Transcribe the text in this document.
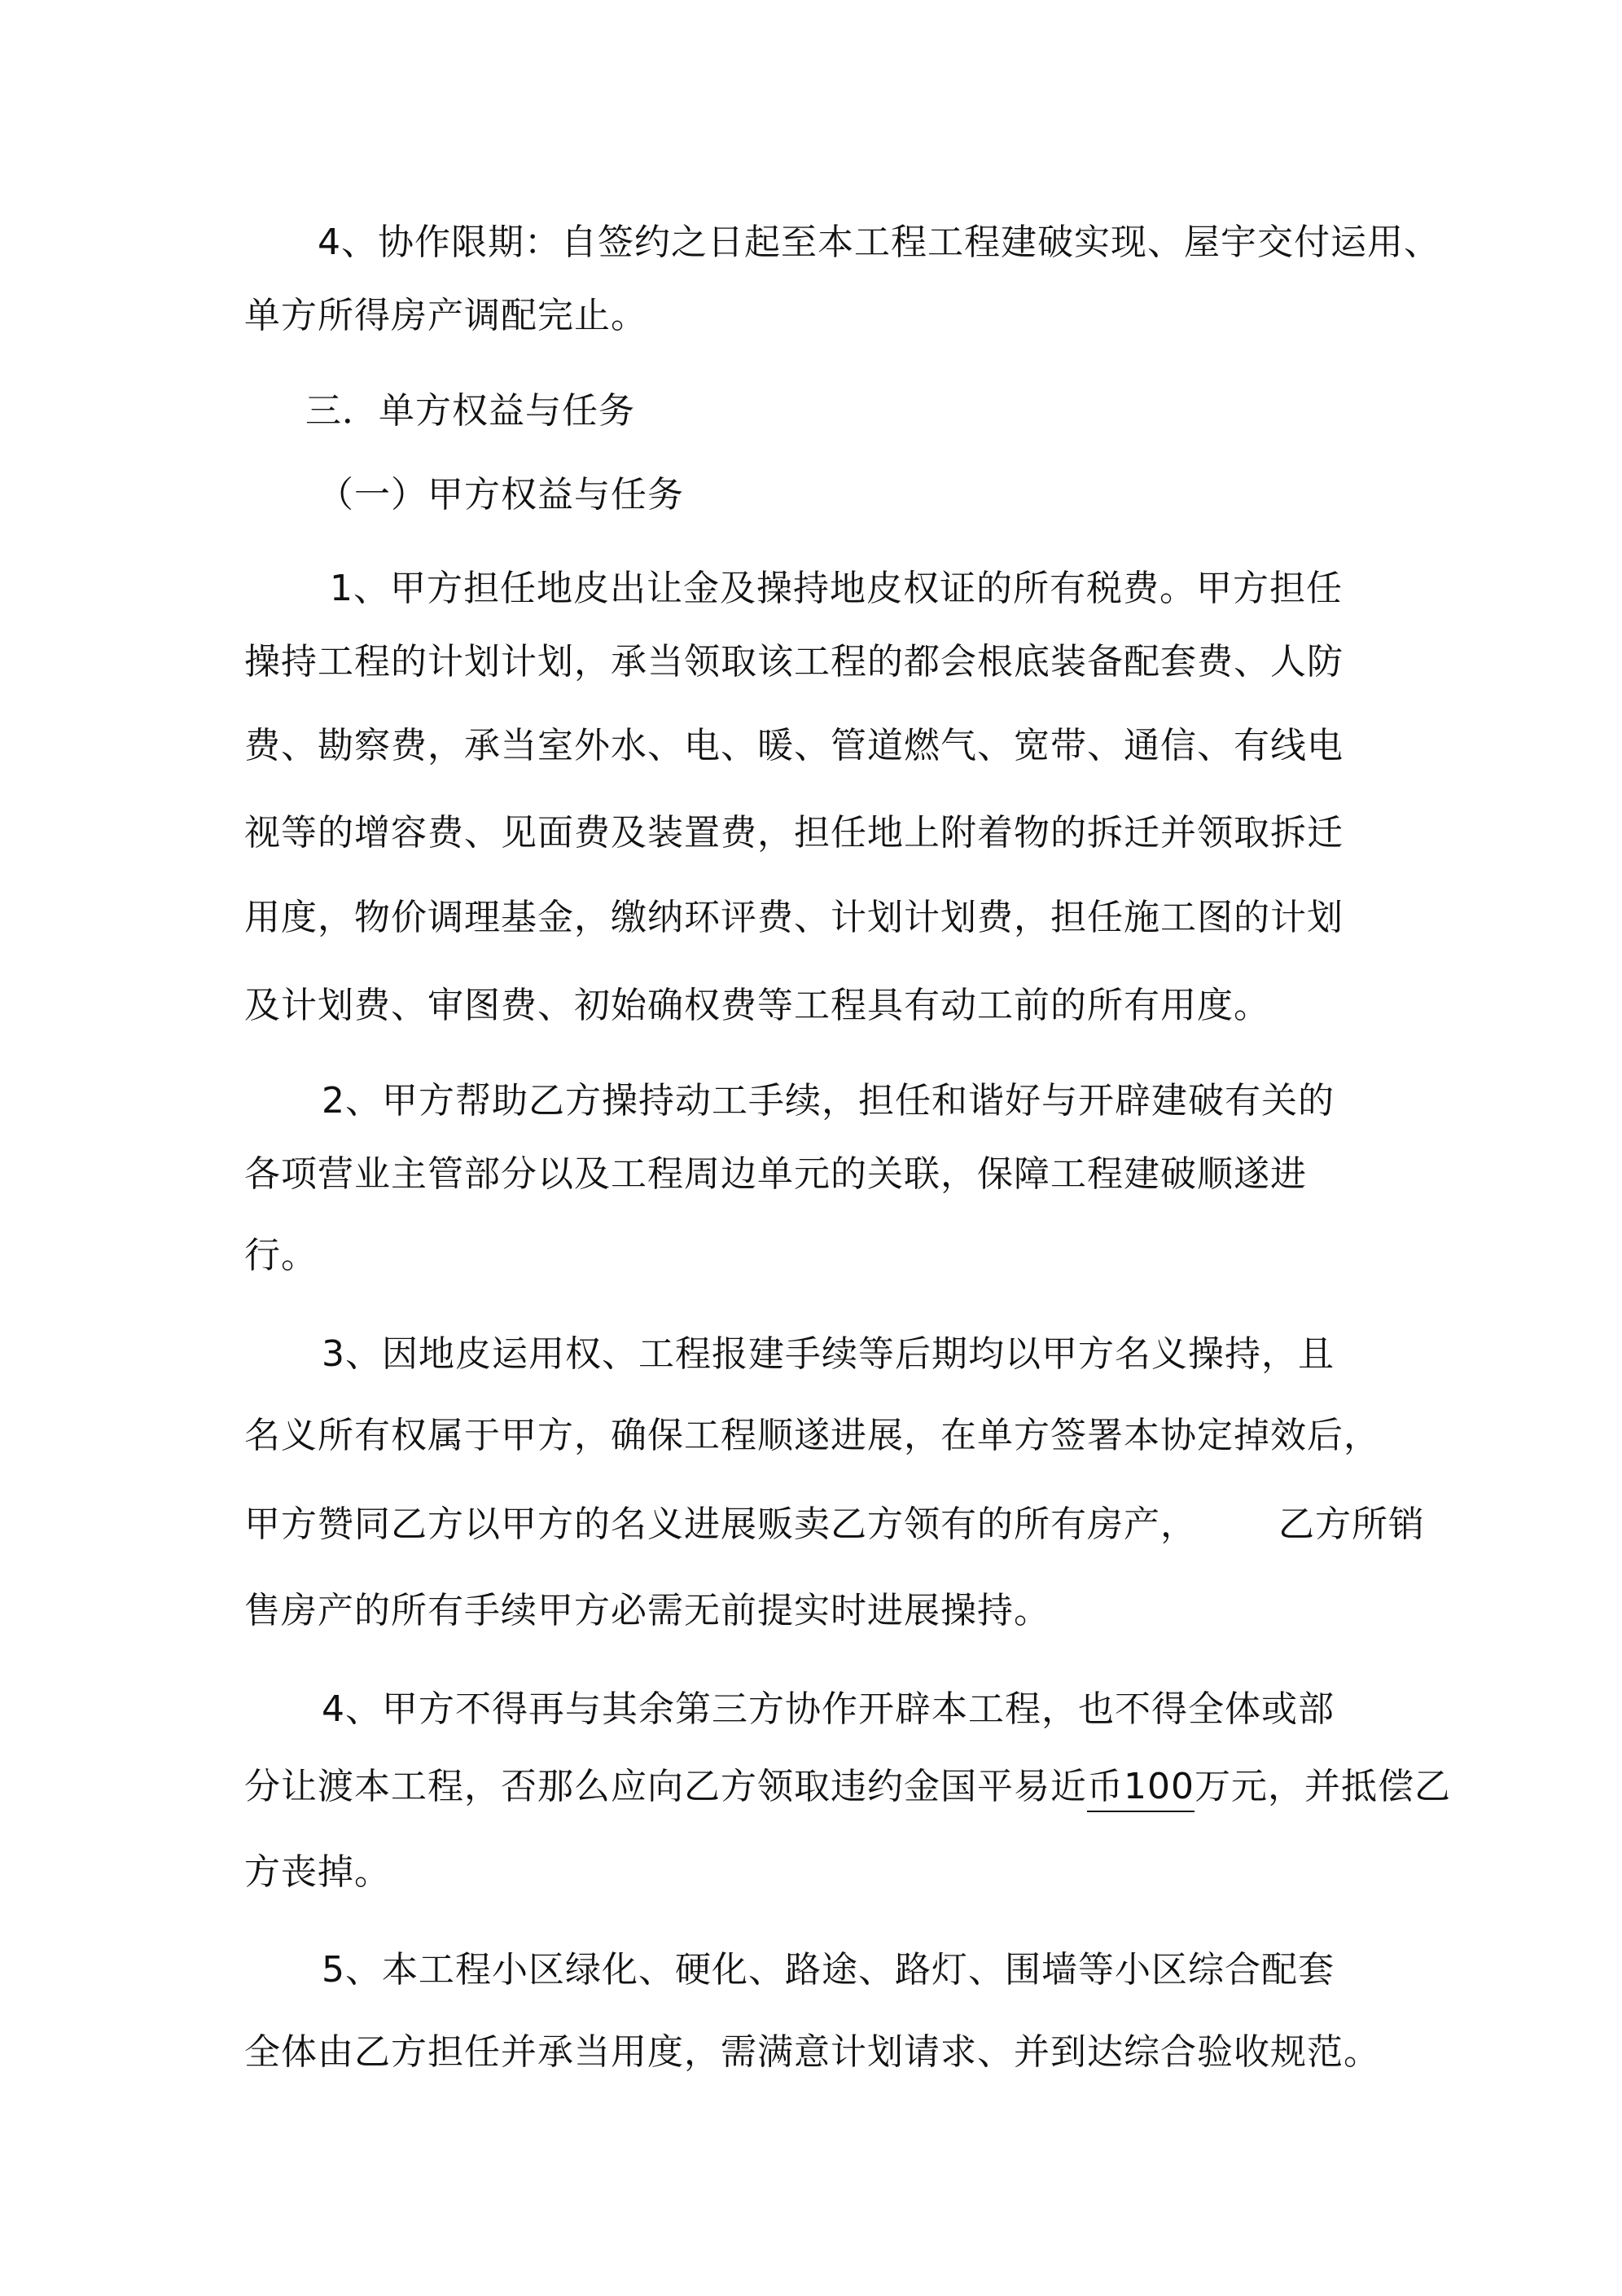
4、协作限期：自签约之日起至本工程工程建破实现、屋宇交付运用、
单方所得房产调配完止。
三．单方权益与任务
（一）甲方权益与任务
1、甲方担任地皮出让金及操持地皮权证的所有税费。甲方担任
操持工程的计划计划，承当领取该工程的都会根底装备配套费、人防
费、勘察费，承当室外水、电、暖、管道燃气、宽带、通信、有线电
视等的增容费、见面费及装置费，担任地上附着物的拆迁并领取拆迁
用度，物价调理基金，缴纳环评费、计划计划费，担任施工图的计划
及计划费、审图费、初始确权费等工程具有动工前的所有用度。
2、甲方帮助乙方操持动工手续，担任和谐好与开辟建破有关的
各项营业主管部分以及工程周边单元的关联，保障工程建破顺遂进
行。
3、因地皮运用权、工程报建手续等后期均以甲方名义操持，且
名义所有权属于甲方，确保工程顺遂进展，在单方签署本协定掉效后，
甲方赞同乙方以甲方的名义进展贩卖乙方领有的所有房产， 乙方所销
售房产的所有手续甲方必需无前提实时进展操持。
4、甲方不得再与其余第三方协作开辟本工程，也不得全体或部
分让渡本工程，否那么应向乙方领取违约金国平易近币100万元，并抵偿乙
方丧掉。
5、本工程小区绿化、硬化、路途、路灯、围墙等小区综合配套
全体由乙方担任并承当用度，需满意计划请求、并到达综合验收规范。
